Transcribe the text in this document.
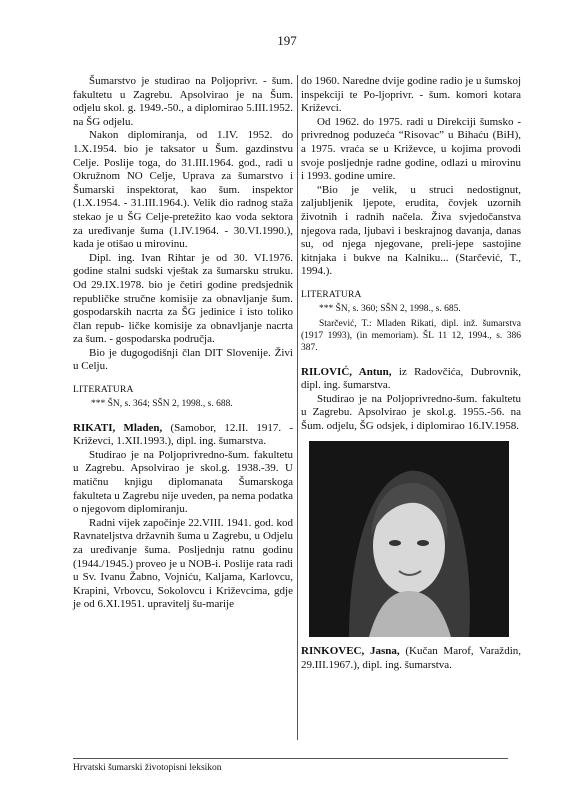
197

Šumarstvo je studirao na Poljoprivr. - šum. fakultetu u Zagrebu. Apsolvirao je na Šum. odjelu skol. g. 1949.-50., a diplomirao 5.III.1952. na ŠG odjelu.

Nakon diplomiranja, od 1.IV. 1952. do 1.X.1954. bio je taksator u Šum. gazdinstvu Celje. Poslije toga, do 31.III.1964. god., radi u Okružnom NO Celje, Uprava za šumarstvo i Šumarski inspektorat, kao šum. inspektor (1.X.1954. - 31.III.1964.). Velik dio radnog staža stekao je u ŠG Celje-pretežito kao voda sektora za uređivanje šuma (1.IV.1964. - 30.VI.1990.), kada je otišao u mirovinu.

Dipl. ing. Ivan Rihtar je od 30. VI.1976. godine stalni sudski vještak za šumarsku struku. Od 29.IX.1978. bio je četiri godine predsjednik republičke stručne komisije za obnavljanje šum. gospodarskih nacrta za ŠG jedinice i isto toliko član repub- ličke komisije za obnavljanje nacrta za šum. - gospodarska područja.

Bio je dugogodišnji član DIT Slovenije. Živi u Celju.

LITERATURA

*** ŠN, s. 364; SŠN 2, 1998., s. 688.

RIKATI, Mladen, (Samobor, 12.II. 1917. - Križevci, 1.XII.1993.), dipl. ing. šumarstva.

Studirao je na Poljoprivredno-šum. fakultetu u Zagrebu. Apsolvirao je skol.g. 1938.-39. U matičnu knjigu diplomanata Šumarskoga fakulteta u Zagrebu nije uveden, pa nema podatka o njegovom diplomiranju.

Radni vijek započinje 22.VIII. 1941. god. kod Ravnateljstva državnih šuma u Zagrebu, u Odjelu za uređivanje šuma. Posljednju ratnu godinu (1944./1945.) proveo je u NOB-i. Poslije rata radi u Sv. Ivanu Žabno, Vojniću, Kaljama, Karlovcu, Krapini, Vrbovcu, Sokolovcu i Križevcima, gdje je od 6.XI.1951. upravitelj šu-marije

do 1960. Naredne dvije godine radio je u šumskoj inspekciji te Po-ljoprivr. - šum. komori kotara Križevci.

Od 1962. do 1975. radi u Direkciji šumsko - privrednog poduzeća “Risovac” u Bihaću (BiH), a 1975. vraća se u Križevce, u kojima provodi svoje posljednje radne godine, odlazi u mirovinu i 1993. godine umire.

“Bio je velik, u struci nedostignut, zaljubljenik ljepote, erudita, čovjek uzornih životnih i radnih načela. Živa svjedočanstva njegova rada, ljubavi i beskrajnog davanja, danas su, od njega njegovane, preli-jepe sastojine kitnjaka i bukve na Kalniku... (Starčević, T., 1994.).

LITERATURA

*** ŠN, s. 360; SŠN 2, 1998., s. 685.

Starčević, T.: Mladen Rikati, dipl. inž. šumarstva (1917 1993), (in memoriam). ŠL 11 12, 1994., s. 386 387.

RILOVIĆ, Antun, iz Radovčića, Dubrovnik, dipl. ing. šumarstva.

Studirao je na Poljoprivredno-šum. fakultetu u Zagrebu. Apsolvirao je skol.g. 1955.-56. na Šum. odjelu, ŠG odsjek, i diplomirao 16.IV.1958.

RINKOVEC, Jasna, (Kučan Marof, Varaždin, 29.III.1967.), dipl. ing. šumarstva.

Hrvatski šumarski životopisni leksikon
